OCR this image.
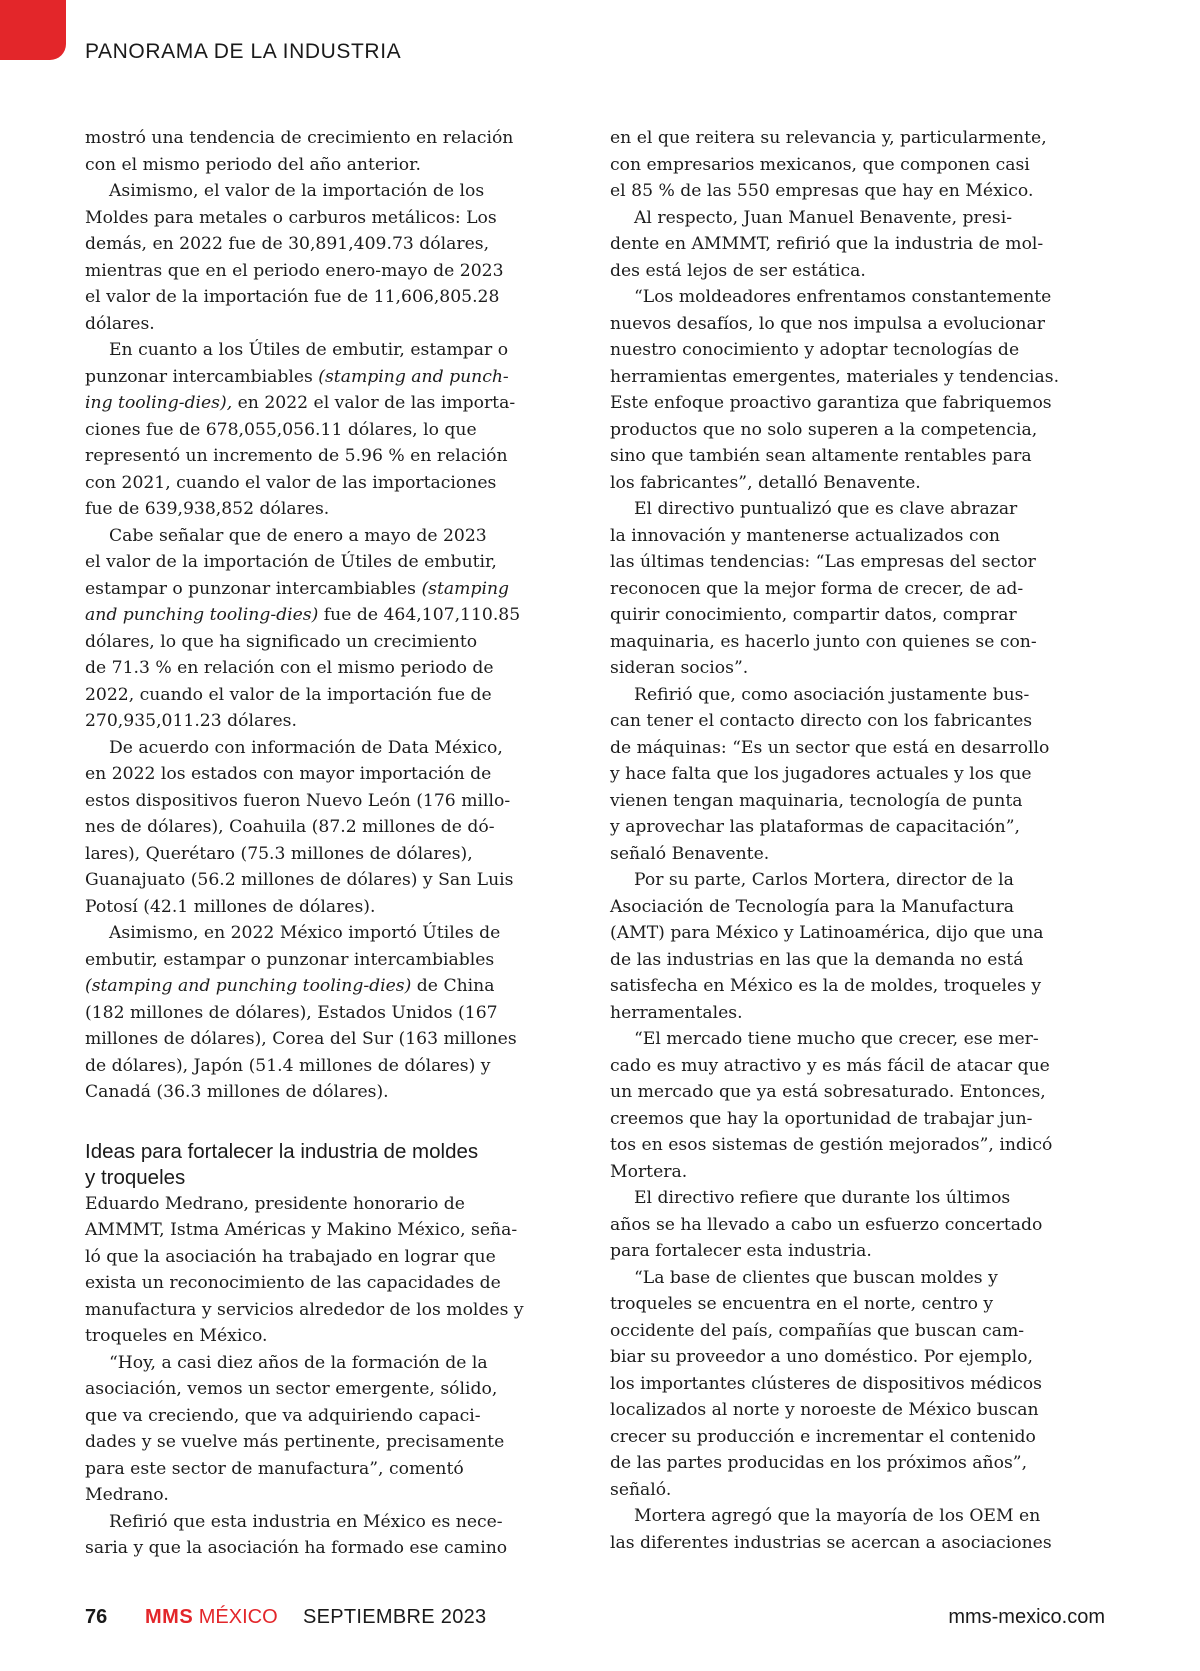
PANORAMA DE LA INDUSTRIA

mostró una tendencia de crecimiento en relación

con el mismo periodo del año anterior.

Asimismo, el valor de la importación de los

Moldes para metales o carburos metálicos: Los

demás, en 2022 fue de 30,891,409.73 dólares,

mientras que en el periodo enero-mayo de 2023

el valor de la importación fue de 11,606,805.28

dólares.

En cuanto a los Útiles de embutir, estampar o

punzonar intercambiables (stamping and punch-

ing tooling-dies), en 2022 el valor de las importa-

ciones fue de 678,055,056.11 dólares, lo que

representó un incremento de 5.96 % en relación

con 2021, cuando el valor de las importaciones

fue de 639,938,852 dólares.

Cabe señalar que de enero a mayo de 2023

el valor de la importación de Útiles de embutir,

estampar o punzonar intercambiables (stamping

and punching tooling-dies) fue de 464,107,110.85

dólares, lo que ha significado un crecimiento

de 71.3 % en relación con el mismo periodo de

2022, cuando el valor de la importación fue de

270,935,011.23 dólares.

De acuerdo con información de Data México,

en 2022 los estados con mayor importación de

estos dispositivos fueron Nuevo León (176 millo-

nes de dólares), Coahuila (87.2 millones de dó-

lares), Querétaro (75.3 millones de dólares),

Guanajuato (56.2 millones de dólares) y San Luis

Potosí (42.1 millones de dólares).

Asimismo, en 2022 México importó Útiles de

embutir, estampar o punzonar intercambiables

(stamping and punching tooling-dies) de China

(182 millones de dólares), Estados Unidos (167

millones de dólares), Corea del Sur (163 millones

de dólares), Japón (51.4 millones de dólares) y

Canadá (36.3 millones de dólares).

Ideas para fortalecer la industria de moldes
y troqueles

Eduardo Medrano, presidente honorario de

AMMMT, Istma Américas y Makino México, seña-

ló que la asociación ha trabajado en lograr que

exista un reconocimiento de las capacidades de

manufactura y servicios alrededor de los moldes y

troqueles en México.

“Hoy, a casi diez años de la formación de la

asociación, vemos un sector emergente, sólido,

que va creciendo, que va adquiriendo capaci-

dades y se vuelve más pertinente, precisamente

para este sector de manufactura”, comentó

Medrano.

Refirió que esta industria en México es nece-

saria y que la asociación ha formado ese camino

en el que reitera su relevancia y, particularmente,

con empresarios mexicanos, que componen casi

el 85 % de las 550 empresas que hay en México.

Al respecto, Juan Manuel Benavente, presi-

dente en AMMMT, refirió que la industria de mol-

des está lejos de ser estática.

“Los moldeadores enfrentamos constantemente

nuevos desafíos, lo que nos impulsa a evolucionar

nuestro conocimiento y adoptar tecnologías de

herramientas emergentes, materiales y tendencias.

Este enfoque proactivo garantiza que fabriquemos

productos que no solo superen a la competencia,

sino que también sean altamente rentables para

los fabricantes”, detalló Benavente.

El directivo puntualizó que es clave abrazar

la innovación y mantenerse actualizados con

las últimas tendencias: “Las empresas del sector

reconocen que la mejor forma de crecer, de ad-

quirir conocimiento, compartir datos, comprar

maquinaria, es hacerlo junto con quienes se con-

sideran socios”.

Refirió que, como asociación justamente bus-

can tener el contacto directo con los fabricantes

de máquinas: “Es un sector que está en desarrollo

y hace falta que los jugadores actuales y los que

vienen tengan maquinaria, tecnología de punta

y aprovechar las plataformas de capacitación”,

señaló Benavente.

Por su parte, Carlos Mortera, director de la

Asociación de Tecnología para la Manufactura

(AMT) para México y Latinoamérica, dijo que una

de las industrias en las que la demanda no está

satisfecha en México es la de moldes, troqueles y

herramentales.

“El mercado tiene mucho que crecer, ese mer-

cado es muy atractivo y es más fácil de atacar que

un mercado que ya está sobresaturado. Entonces,

creemos que hay la oportunidad de trabajar jun-

tos en esos sistemas de gestión mejorados”, indicó

Mortera.

El directivo refiere que durante los últimos

años se ha llevado a cabo un esfuerzo concertado

para fortalecer esta industria.

“La base de clientes que buscan moldes y

troqueles se encuentra en el norte, centro y

occidente del país, compañías que buscan cam-

biar su proveedor a uno doméstico. Por ejemplo,

los importantes clústeres de dispositivos médicos

localizados al norte y noroeste de México buscan

crecer su producción e incrementar el contenido

de las partes producidas en los próximos años”,

señaló.

Mortera agregó que la mayoría de los OEM en

las diferentes industrias se acercan a asociaciones

76 MMS MÉXICO SEPTIEMBRE 2023	mms-mexico.com
